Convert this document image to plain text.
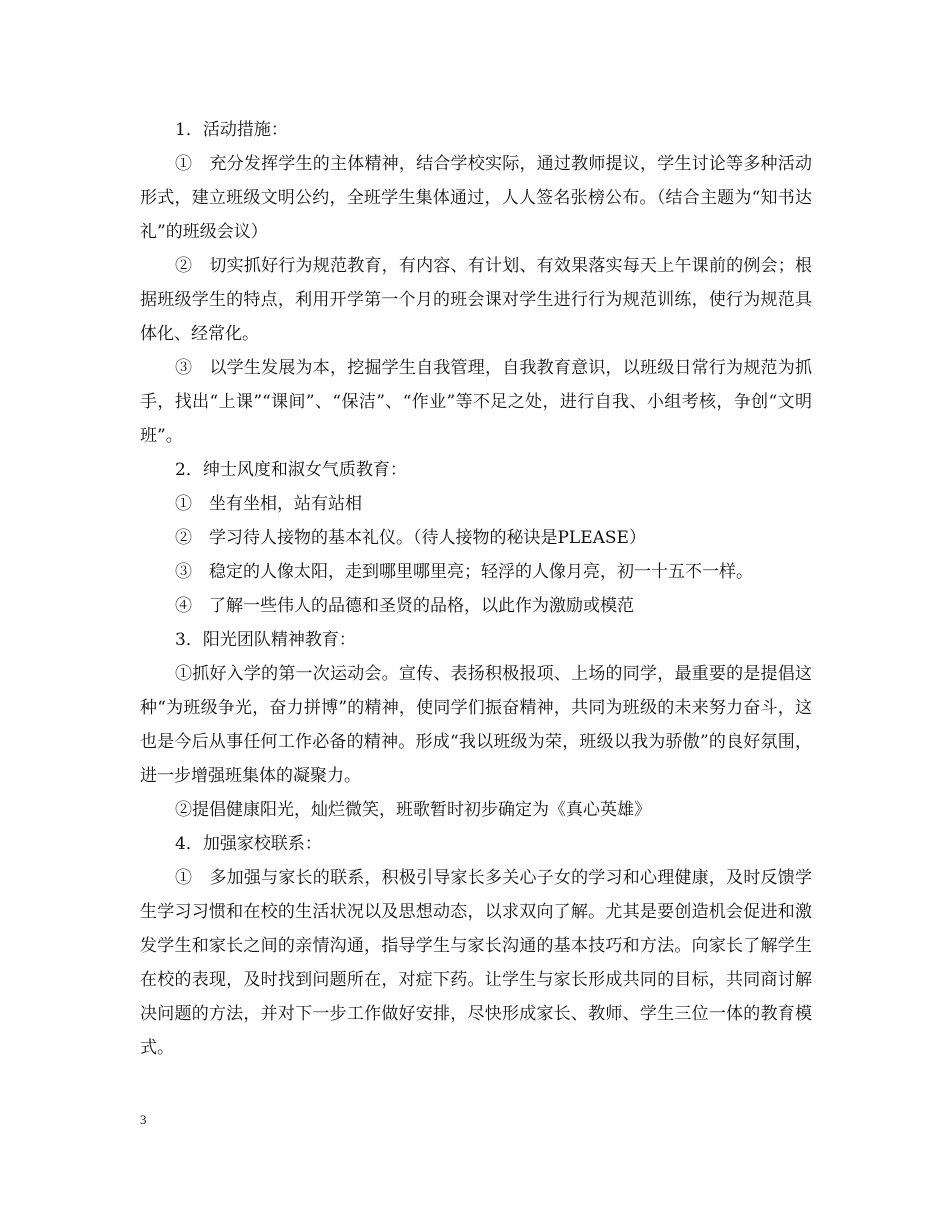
1．活动措施：

①　充分发挥学生的主体精神，结合学校实际，通过教师提议，学生讨论等多种活动形式，建立班级文明公约，全班学生集体通过，人人签名张榜公布。（结合主题为“知书达礼”的班级会议）

②　切实抓好行为规范教育，有内容、有计划、有效果落实每天上午课前的例会；根据班级学生的特点，利用开学第一个月的班会课对学生进行行为规范训练，使行为规范具体化、经常化。

③　以学生发展为本，挖掘学生自我管理，自我教育意识，以班级日常行为规范为抓手，找出“上课”“课间”、“保洁”、“作业”等不足之处，进行自我、小组考核，争创“文明班”。

2．绅士风度和淑女气质教育：

①　坐有坐相，站有站相

②　学习待人接物的基本礼仪。（待人接物的秘诀是PLEASE）

③　稳定的人像太阳，走到哪里哪里亮；轻浮的人像月亮，初一十五不一样。

④　了解一些伟人的品德和圣贤的品格，以此作为激励或模范

3．阳光团队精神教育：

①抓好入学的第一次运动会。宣传、表扬积极报项、上场的同学，最重要的是提倡这种“为班级争光，奋力拼博”的精神，使同学们振奋精神，共同为班级的未来努力奋斗，这也是今后从事任何工作必备的精神。形成“我以班级为荣，班级以我为骄傲”的良好氛围，进一步增强班集体的凝聚力。

②提倡健康阳光，灿烂微笑，班歌暂时初步确定为《真心英雄》

4．加强家校联系：

①　多加强与家长的联系，积极引导家长多关心子女的学习和心理健康，及时反馈学生学习习惯和在校的生活状况以及思想动态，以求双向了解。尤其是要创造机会促进和激发学生和家长之间的亲情沟通，指导学生与家长沟通的基本技巧和方法。向家长了解学生在校的表现，及时找到问题所在，对症下药。让学生与家长形成共同的目标，共同商讨解决问题的方法，并对下一步工作做好安排，尽快形成家长、教师、学生三位一体的教育模式。

3
